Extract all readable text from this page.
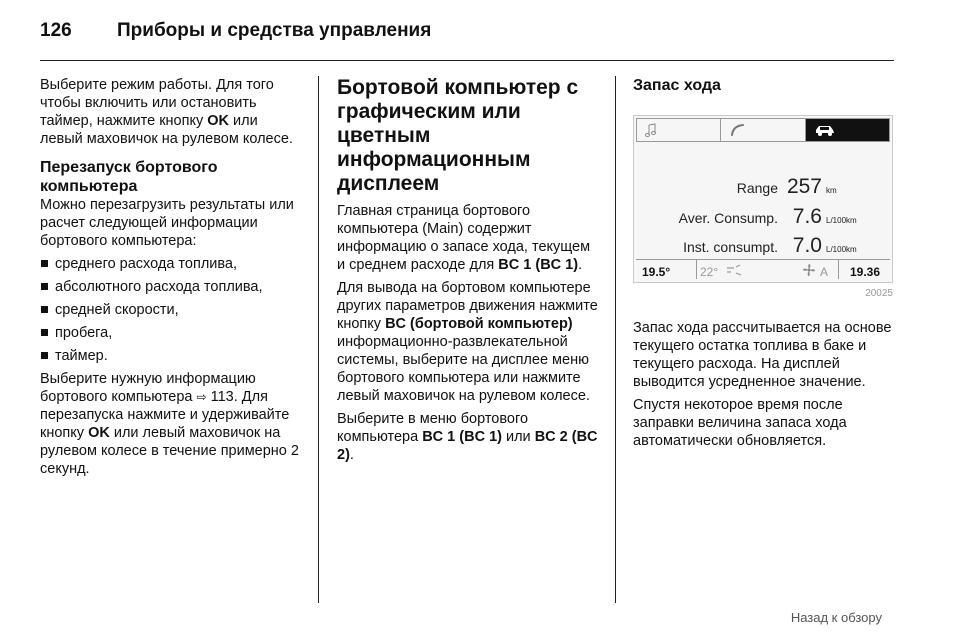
126 Приборы и средства управления

Выберите режим работы. Для того чтобы включить или остановить таймер, нажмите кнопку OK или левый маховичок на рулевом колесе.

Перезапуск бортового компьютера

Можно перезагрузить результаты или расчет следующей информации бортового компьютера:

среднего расхода топлива,
абсолютного расхода топлива,
средней скорости,
пробега,
таймер.

Выберите нужную информацию бортового компьютера ⇨ 113. Для перезапуска нажмите и удерживайте кнопку OK или левый маховичок на рулевом колесе в течение примерно 2 секунд.

Бортовой компьютер с графическим или цветным информационным дисплеем

Главная страница бортового компьютера (Main) содержит информацию о запасе хода, текущем и среднем расходе для BC 1 (BC 1).

Для вывода на бортовом компьютере других параметров движения нажмите кнопку BC (бортовой компьютер) информационно-развлекательной системы, выберите на дисплее меню бортового компьютера или нажмите левый маховичок на рулевом колесе.

Выберите в меню бортового компьютера BC 1 (BC 1) или BC 2 (BC 2).

Запас хода
Range 257 km
Aver. Consump. 7.6 L/100km
Inst. consumpt. 7.0 L/100km
19.5° 22°	A 19.36
20025

Запас хода рассчитывается на основе текущего остатка топлива в баке и текущего расхода. На дисплей выводится усредненное значение.

Спустя некоторое время после заправки величина запаса хода автоматически обновляется.

Назад к обзору
